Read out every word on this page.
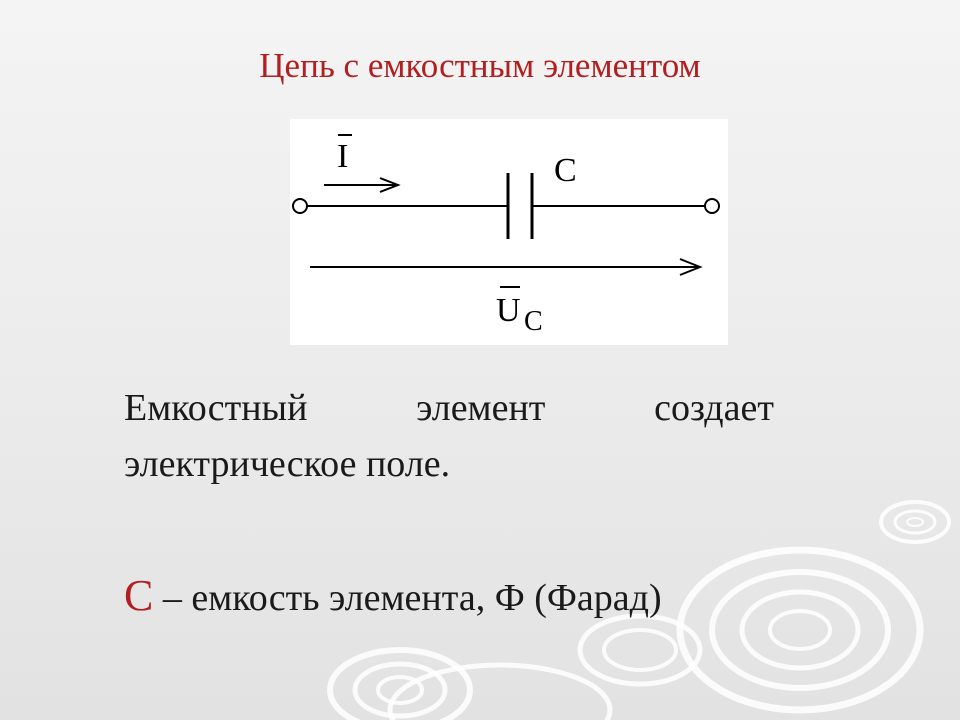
Цепь с емкостным элементом
I	C
U C
Емкостный	элемент	создает
электрическое поле.
C – емкость элемента, Ф (Фарад)
